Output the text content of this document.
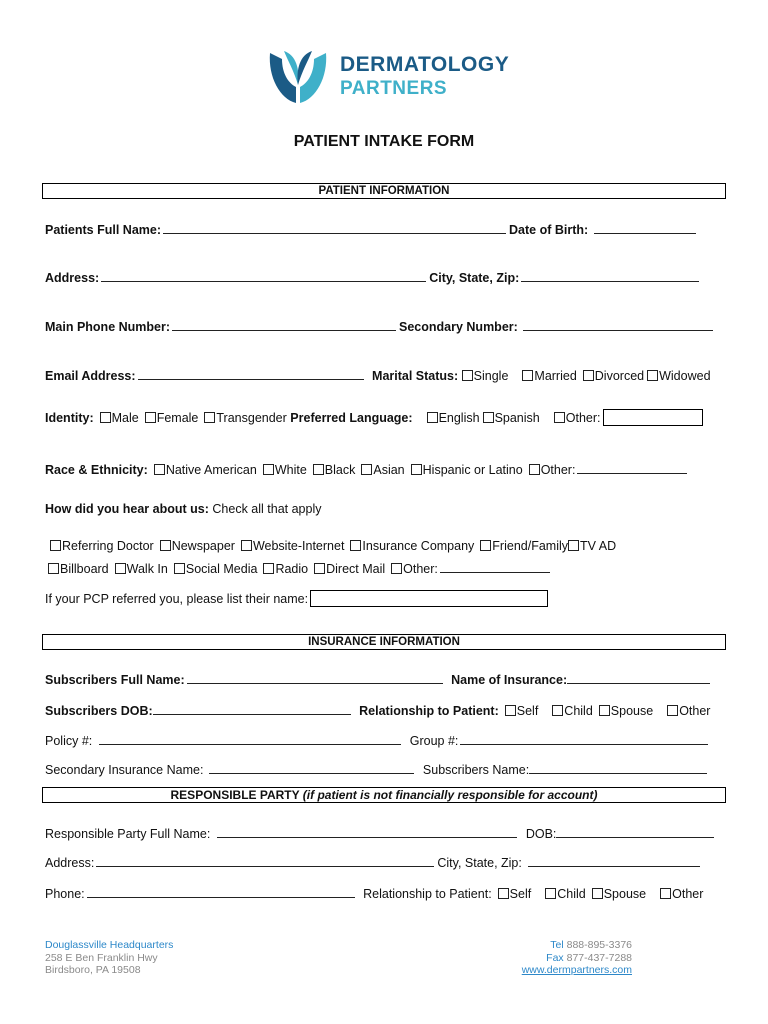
DERMATOLOGY
PARTNERS
PATIENT INTAKE FORM
PATIENT INFORMATION
Patients Full Name:	Date of Birth:
Address:	City, State, Zip:
Main Phone Number:	Secondary Number:
Email Address:	Marital Status: Single Married Divorced Widowed
Identity: Male Female Transgender Preferred Language: English Spanish Other:
Race & Ethnicity: Native American White Black Asian Hispanic or Latino Other:
How did you hear about us: Check all that apply
Referring Doctor Newspaper Website-Internet Insurance Company Friend/Family TV AD
Billboard Walk In Social Media Radio Direct Mail Other:
If your PCP referred you, please list their name:
INSURANCE INFORMATION
Subscribers Full Name:	Name of Insurance:
Subscribers DOB:	Relationship to Patient: Self Child Spouse Other
Policy #:	Group #:
Secondary Insurance Name:	Subscribers Name:
RESPONSIBLE PARTY (if patient is not financially responsible for account)
Responsible Party Full Name:	DOB:
Address:	City, State, Zip:
Phone:	Relationship to Patient: Self Child Spouse Other
Douglassville Headquarters
258 E Ben Franklin Hwy
Birdsboro, PA 19508
Tel 888-895-3376
Fax 877-437-7288
www.dermpartners.com
